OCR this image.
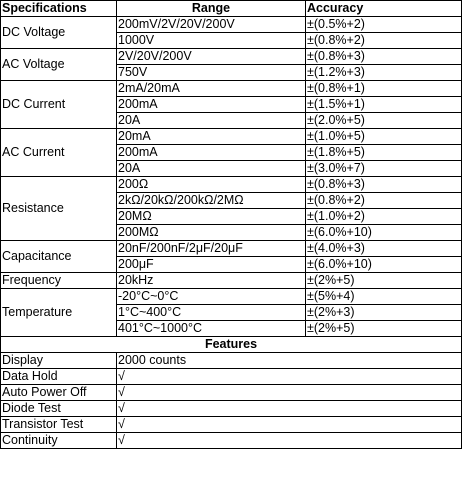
Specifications	Range	Accuracy
DC Voltage	200mV/2V/20V/200V	±(0.5%+2)
	1000V	±(0.8%+2)
AC Voltage	2V/20V/200V	±(0.8%+3)
	750V	±(1.2%+3)
DC Current	2mA/20mA	±(0.8%+1)
	200mA	±(1.5%+1)
	20A	±(2.0%+5)
AC Current	20mA	±(1.0%+5)
	200mA	±(1.8%+5)
	20A	±(3.0%+7)
Resistance	200Ω	±(0.8%+3)
	2kΩ/20kΩ/200kΩ/2MΩ	±(0.8%+2)
	20MΩ	±(1.0%+2)
	200MΩ	±(6.0%+10)
Capacitance	20nF/200nF/2μF/20μF	±(4.0%+3)
	200μF	±(6.0%+10)
Frequency	20kHz	±(2%+5)
Temperature	-20°C~0°C	±(5%+4)
	1°C~400°C	±(2%+3)
	401°C~1000°C	±(2%+5)
Features		
Display	2000 counts	
Data Hold	√	
Auto Power Off	√	
Diode Test	√	
Transistor Test	√	
Continuity	√	
